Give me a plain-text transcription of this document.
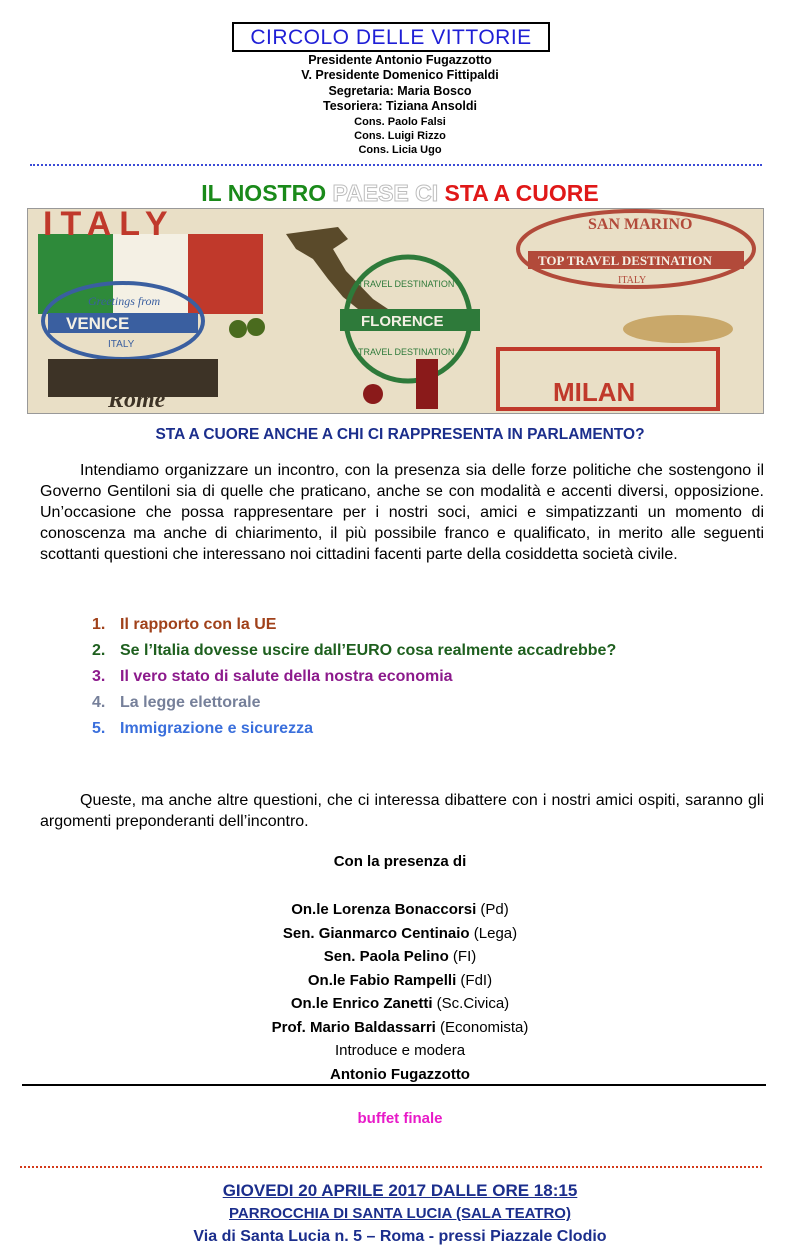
CIRCOLO DELLE VITTORIE
Presidente Antonio Fugazzotto
V. Presidente Domenico Fittipaldi
Segretaria: Maria Bosco
Tesoriera: Tiziana Ansoldi
Cons. Paolo Falsi
Cons. Luigi Rizzo
Cons. Licia Ugo
IL NOSTRO PAESE CI STA A CUORE
ITALY	SAN MARINO
TOP TRAVEL DESTINATION
ITALY
Greetings from
VENICE
ITALY
TRAVEL DESTINATION
FLORENCE
TRAVEL DESTINATION
Rome	MILAN
STA A CUORE ANCHE A CHI CI RAPPRESENTA IN PARLAMENTO?
Intendiamo organizzare un incontro, con la presenza sia delle forze politiche che sostengono il Governo Gentiloni sia di quelle che praticano, anche se con modalità e accenti diversi, opposizione. Un’occasione che possa rappresentare per i nostri soci, amici e simpatizzanti un momento di conoscenza ma anche di chiarimento, il più possibile franco e qualificato, in merito alle seguenti scottanti questioni che interessano noi cittadini facenti parte della cosiddetta società civile.
1. Il rapporto con la UE
2. Se l’Italia dovesse uscire dall’EURO cosa realmente accadrebbe?
3. Il vero stato di salute della nostra economia
4. La legge elettorale
5. Immigrazione e sicurezza
Queste, ma anche altre questioni, che ci interessa dibattere con i nostri amici ospiti, saranno gli argomenti preponderanti dell’incontro.
Con la presenza di
On.le Lorenza Bonaccorsi (Pd)
Sen. Gianmarco Centinaio (Lega)
Sen. Paola Pelino (FI)
On.le Fabio Rampelli (FdI)
On.le Enrico Zanetti (Sc.Civica)
Prof. Mario Baldassarri (Economista)
Introduce e modera
Antonio Fugazzotto
buffet finale
GIOVEDI 20 APRILE 2017 DALLE ORE 18:15
PARROCCHIA DI SANTA LUCIA (SALA TEATRO)
Via di Santa Lucia n. 5 – Roma - pressi Piazzale Clodio
